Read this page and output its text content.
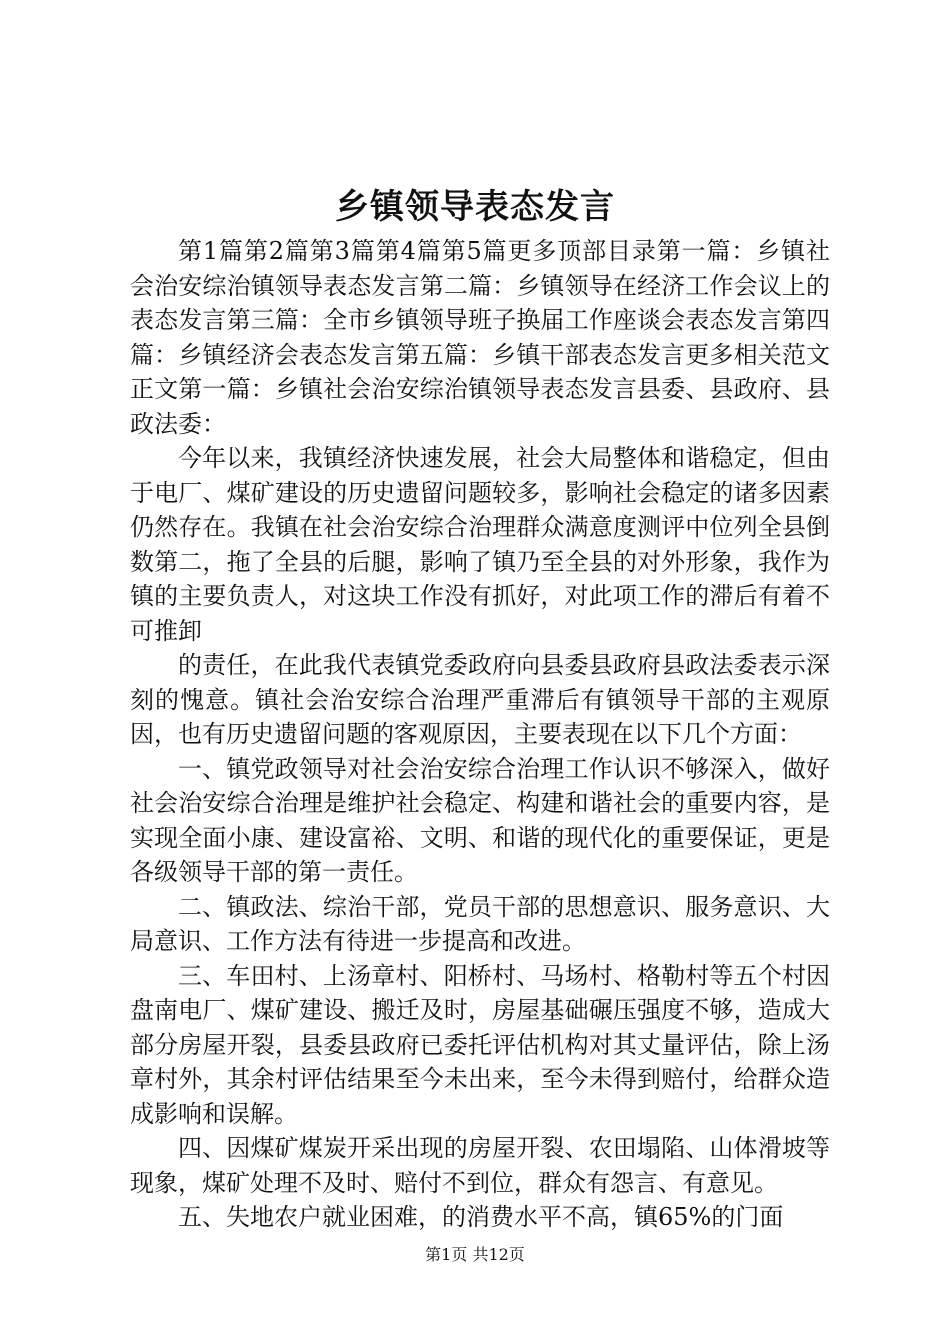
乡镇领导表态发言

第1篇第2篇第3篇第4篇第5篇更多顶部目录第一篇：乡镇社会治安综治镇领导表态发言第二篇：乡镇领导在经济工作会议上的表态发言第三篇：全市乡镇领导班子换届工作座谈会表态发言第四篇：乡镇经济会表态发言第五篇：乡镇干部表态发言更多相关范文正文第一篇：乡镇社会治安综治镇领导表态发言县委、县政府、县政法委：

今年以来，我镇经济快速发展，社会大局整体和谐稳定，但由于电厂、煤矿建设的历史遗留问题较多，影响社会稳定的诸多因素仍然存在。我镇在社会治安综合治理群众满意度测评中位列全县倒数第二，拖了全县的后腿，影响了镇乃至全县的对外形象，我作为镇的主要负责人，对这块工作没有抓好，对此项工作的滞后有着不可推卸

的责任，在此我代表镇党委政府向县委县政府县政法委表示深刻的愧意。镇社会治安综合治理严重滞后有镇领导干部的主观原因，也有历史遗留问题的客观原因，主要表现在以下几个方面：

一、镇党政领导对社会治安综合治理工作认识不够深入，做好社会治安综合治理是维护社会稳定、构建和谐社会的重要内容，是实现全面小康、建设富裕、文明、和谐的现代化的重要保证，更是各级领导干部的第一责任。

二、镇政法、综治干部，党员干部的思想意识、服务意识、大局意识、工作方法有待进一步提高和改进。

三、车田村、上汤章村、阳桥村、马场村、格勒村等五个村因盘南电厂、煤矿建设、搬迁及时，房屋基础碾压强度不够，造成大部分房屋开裂，县委县政府已委托评估机构对其丈量评估，除上汤章村外，其余村评估结果至今未出来，至今未得到赔付，给群众造成影响和误解。

四、因煤矿煤炭开采出现的房屋开裂、农田塌陷、山体滑坡等现象，煤矿处理不及时、赔付不到位，群众有怨言、有意见。

五、失地农户就业困难，的消费水平不高，镇65%的门面

第1页 共12页
